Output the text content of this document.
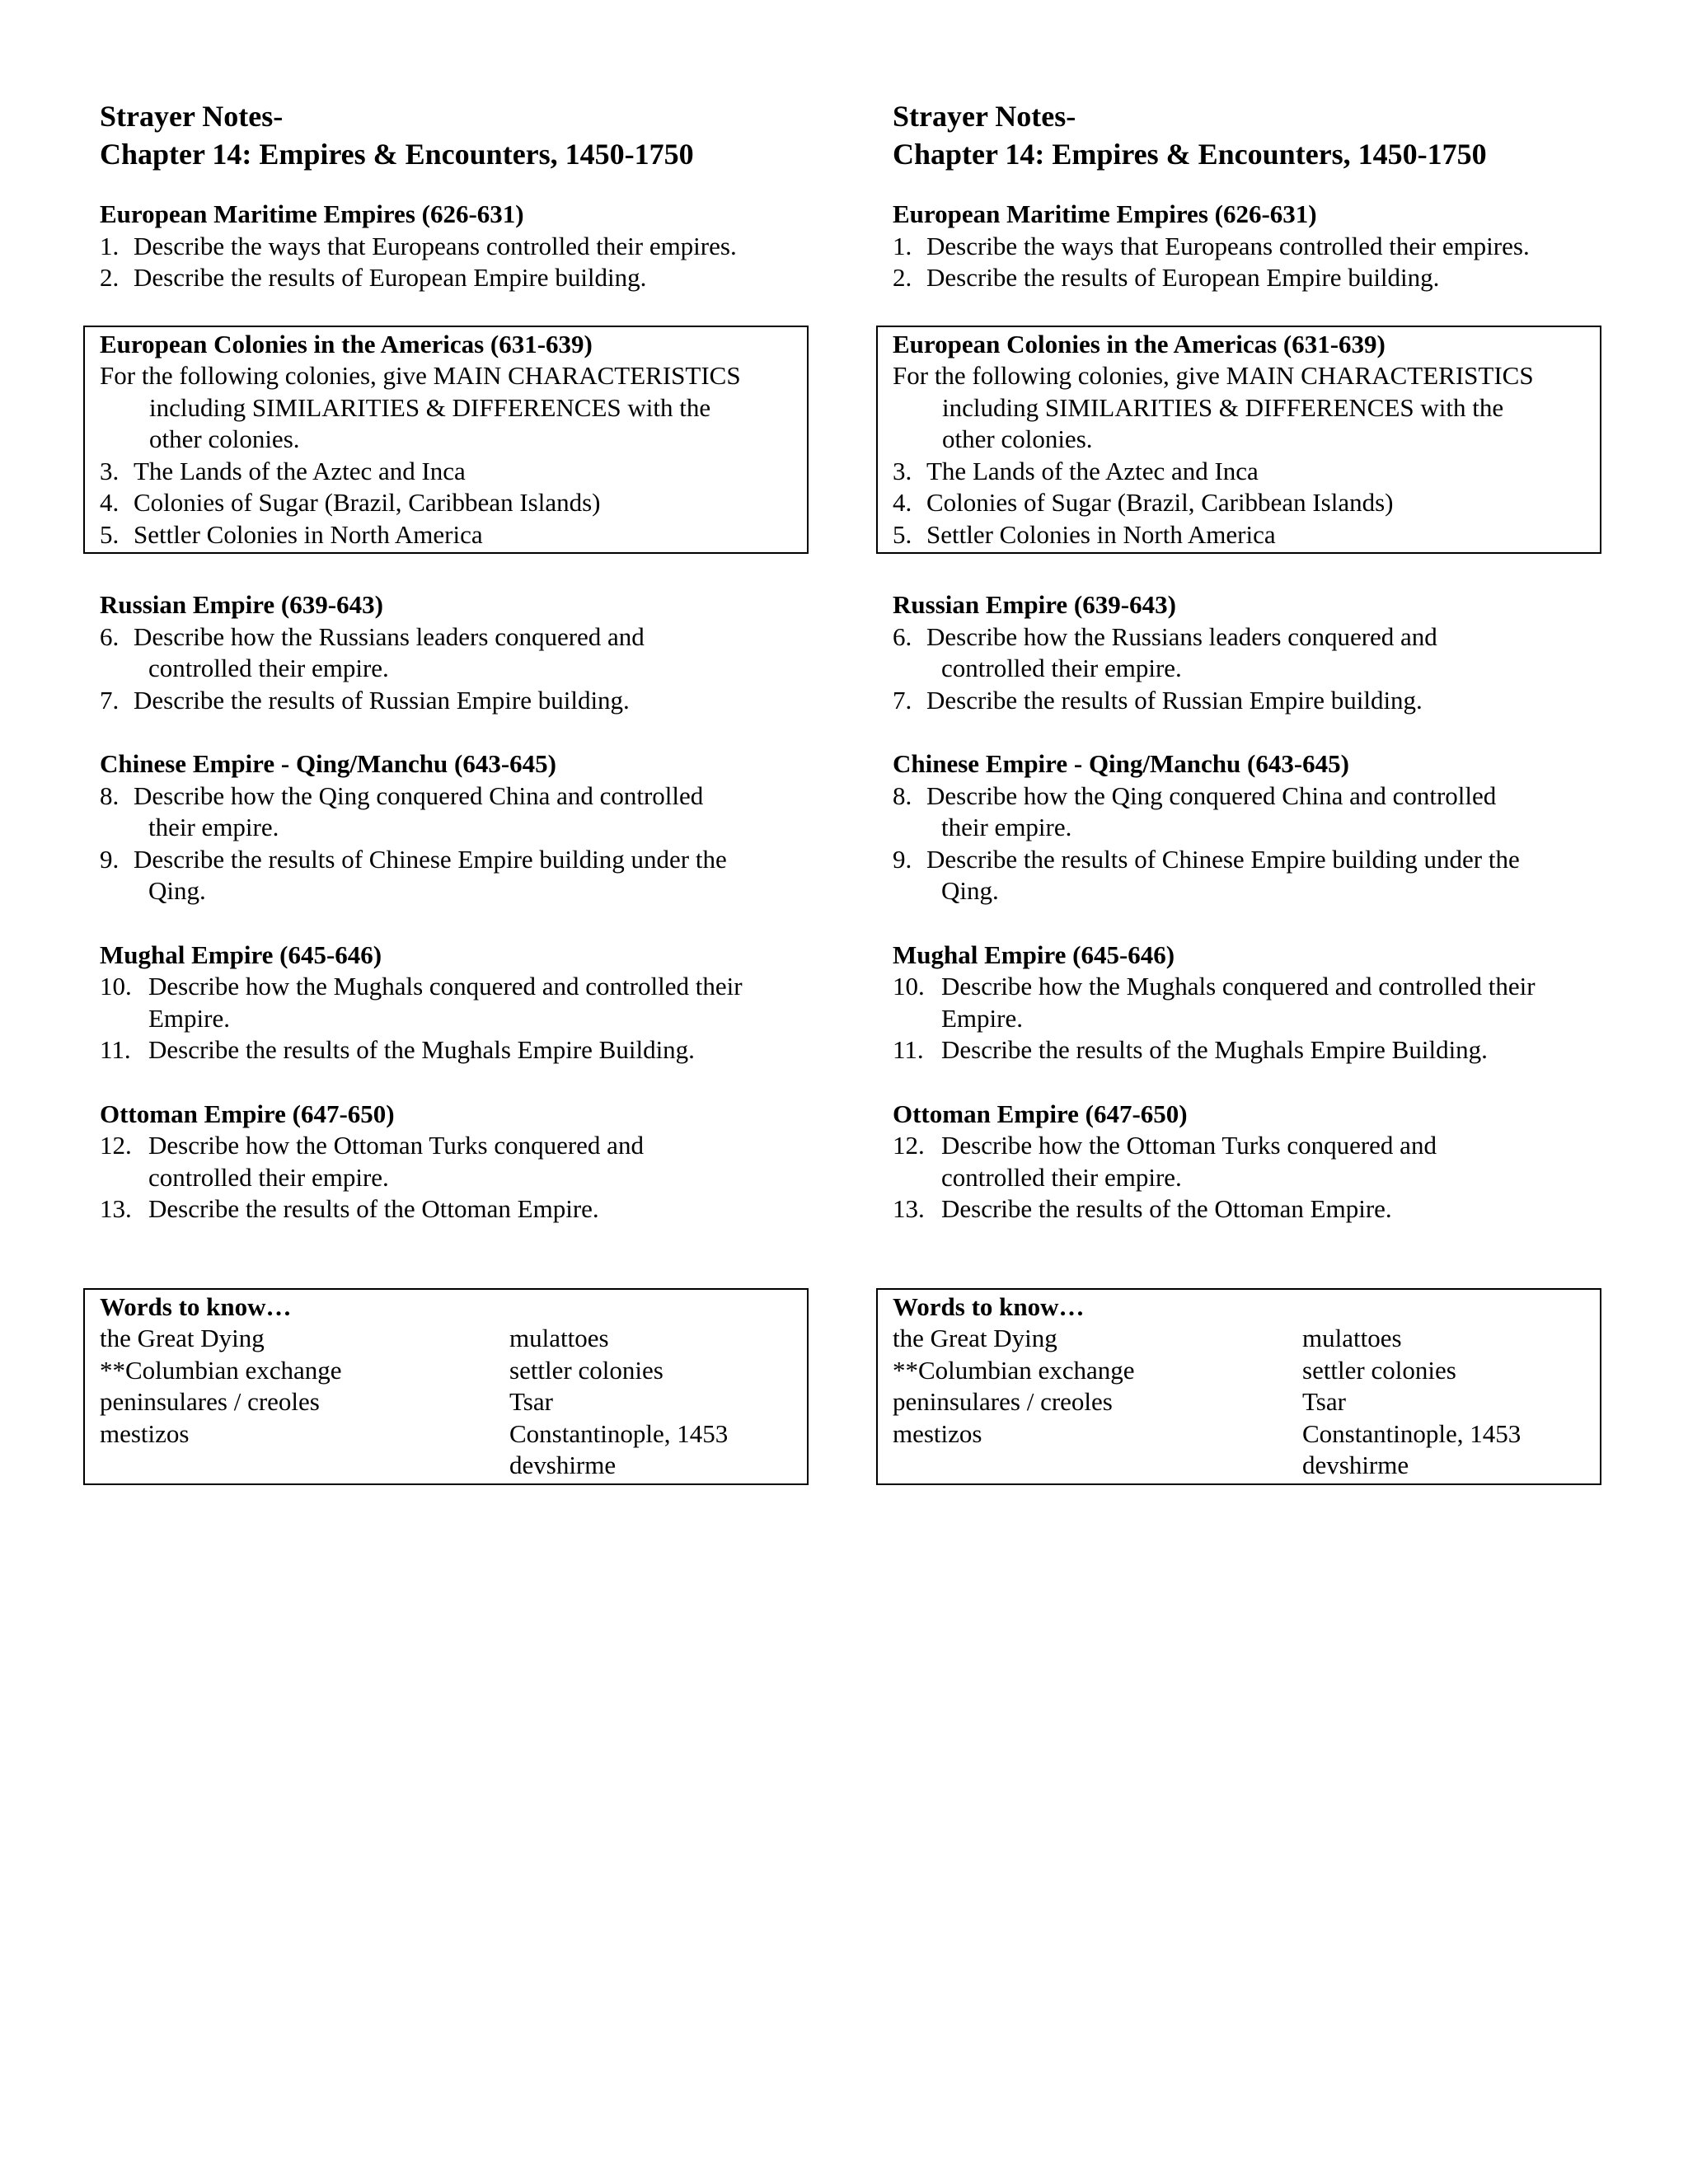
Strayer Notes-
Chapter 14: Empires & Encounters, 1450-1750
European Maritime Empires (626-631)
1. Describe the ways that Europeans controlled their empires.
2. Describe the results of European Empire building.
European Colonies in the Americas (631-639)
For the following colonies, give MAIN CHARACTERISTICS
including SIMILARITIES & DIFFERENCES with the
other colonies.
3. The Lands of the Aztec and Inca
4. Colonies of Sugar (Brazil, Caribbean Islands)
5. Settler Colonies in North America
Russian Empire (639-643)
6. Describe how the Russians leaders conquered and
controlled their empire.
7. Describe the results of Russian Empire building.
Chinese Empire - Qing/Manchu (643-645)
8. Describe how the Qing conquered China and controlled
their empire.
9. Describe the results of Chinese Empire building under the
Qing.
Mughal Empire (645-646)
10. Describe how the Mughals conquered and controlled their
Empire.
11. Describe the results of the Mughals Empire Building.
Ottoman Empire (647-650)
12. Describe how the Ottoman Turks conquered and
controlled their empire.
13. Describe the results of the Ottoman Empire.
Words to know…
the Great Dying
**Columbian exchange
peninsulares / creoles
mestizos
mulattoes
settler colonies
Tsar
Constantinople, 1453
devshirme
Strayer Notes-
Chapter 14: Empires & Encounters, 1450-1750
European Maritime Empires (626-631)
1. Describe the ways that Europeans controlled their empires.
2. Describe the results of European Empire building.
European Colonies in the Americas (631-639)
For the following colonies, give MAIN CHARACTERISTICS
including SIMILARITIES & DIFFERENCES with the
other colonies.
3. The Lands of the Aztec and Inca
4. Colonies of Sugar (Brazil, Caribbean Islands)
5. Settler Colonies in North America
Russian Empire (639-643)
6. Describe how the Russians leaders conquered and
controlled their empire.
7. Describe the results of Russian Empire building.
Chinese Empire - Qing/Manchu (643-645)
8. Describe how the Qing conquered China and controlled
their empire.
9. Describe the results of Chinese Empire building under the
Qing.
Mughal Empire (645-646)
10. Describe how the Mughals conquered and controlled their
Empire.
11. Describe the results of the Mughals Empire Building.
Ottoman Empire (647-650)
12. Describe how the Ottoman Turks conquered and
controlled their empire.
13. Describe the results of the Ottoman Empire.
Words to know…
the Great Dying
**Columbian exchange
peninsulares / creoles
mestizos
mulattoes
settler colonies
Tsar
Constantinople, 1453
devshirme
